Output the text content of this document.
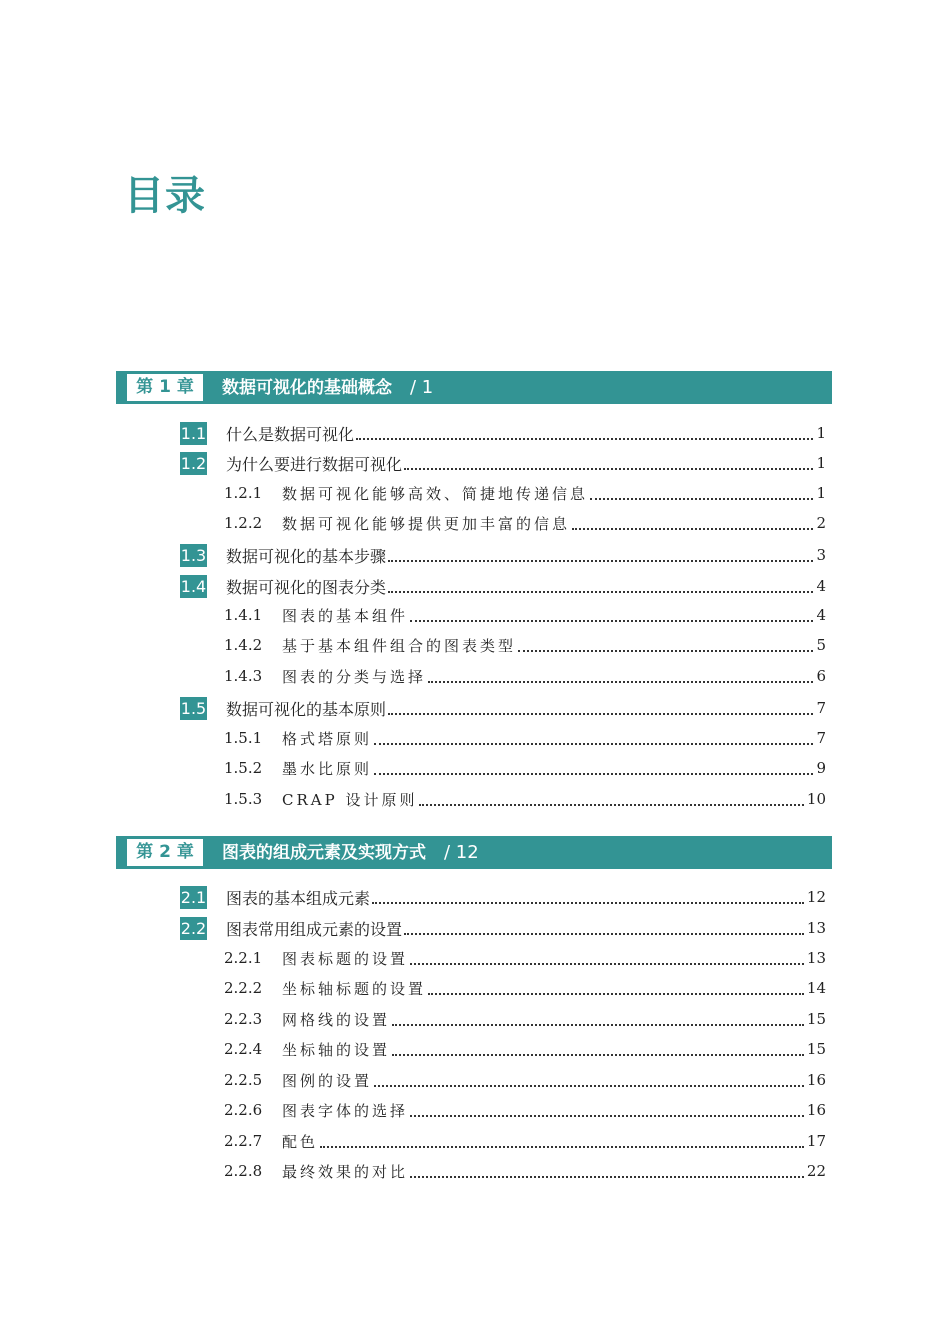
目录
第 1 章	数据可视化的基础概念 / 1
1.1 什么是数据可视化	1
1.2 为什么要进行数据可视化	1
1.2.1	数据可视化能够高效、简捷地传递信息	1
1.2.2	数据可视化能够提供更加丰富的信息	2
1.3 数据可视化的基本步骤	3
1.4 数据可视化的图表分类	4
1.4.1	图表的基本组件	4
1.4.2	基于基本组件组合的图表类型	5
1.4.3	图表的分类与选择	6
1.5 数据可视化的基本原则	7
1.5.1	格式塔原则	7
1.5.2	墨水比原则	9
1.5.3	CRAP 设计原则	10
第 2 章	图表的组成元素及实现方式 / 12
2.1 图表的基本组成元素	12
2.2 图表常用组成元素的设置	13
2.2.1	图表标题的设置	13
2.2.2	坐标轴标题的设置	14
2.2.3	网格线的设置	15
2.2.4	坐标轴的设置	15
2.2.5	图例的设置	16
2.2.6	图表字体的选择	16
2.2.7	配色	17
2.2.8	最终效果的对比	22
